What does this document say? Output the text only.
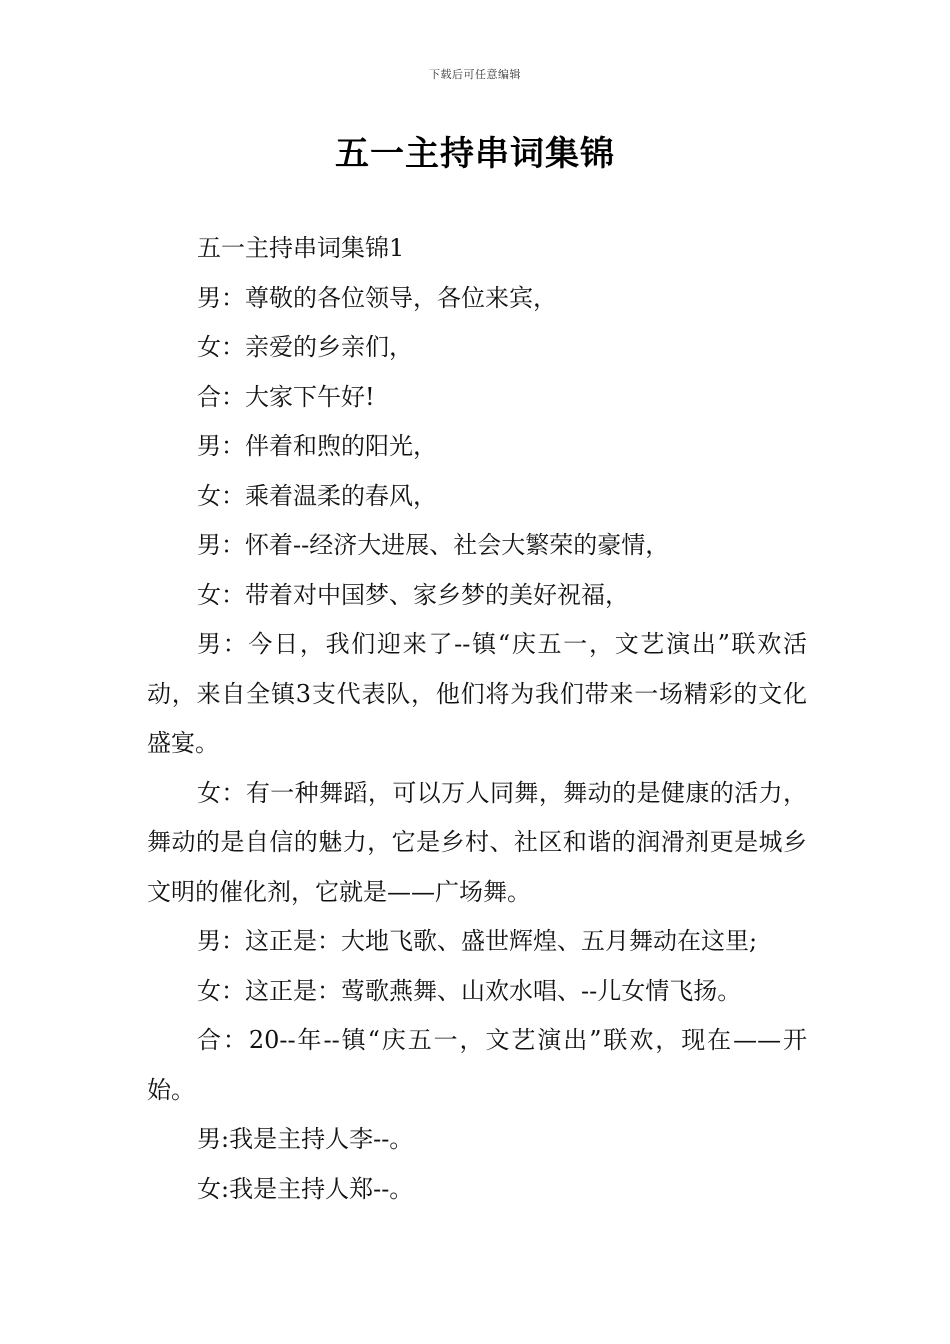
下载后可任意编辑
五一主持串词集锦

五一主持串词集锦1

男：尊敬的各位领导，各位来宾，

女：亲爱的乡亲们，

合：大家下午好!

男：伴着和煦的阳光，

女：乘着温柔的春风，

男：怀着--经济大进展、社会大繁荣的豪情，

女：带着对中国梦、家乡梦的美好祝福，

男：今日，我们迎来了--镇“庆五一，文艺演出”联欢活动，来自全镇3支代表队，他们将为我们带来一场精彩的文化盛宴。

女：有一种舞蹈，可以万人同舞，舞动的是健康的活力，舞动的是自信的魅力，它是乡村、社区和谐的润滑剂更是城乡文明的催化剂，它就是——广场舞。

男：这正是：大地飞歌、盛世辉煌、五月舞动在这里;

女：这正是：莺歌燕舞、山欢水唱、--儿女情飞扬。

合：20--年--镇“庆五一，文艺演出”联欢，现在——开始。

男:我是主持人李--。

女:我是主持人郑--。
